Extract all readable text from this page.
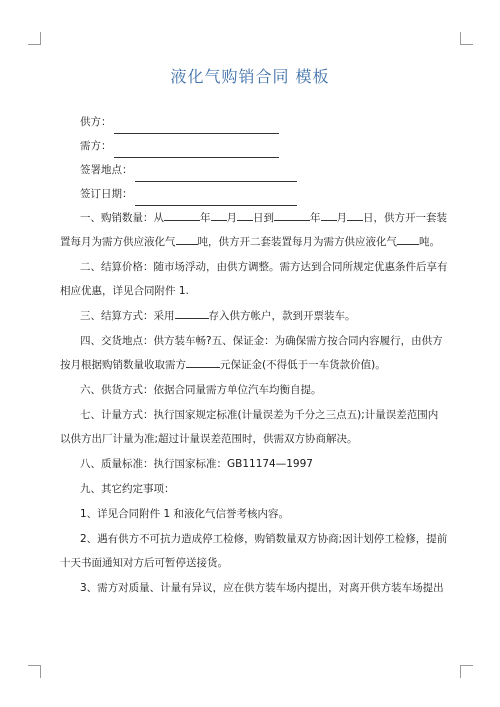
液化气购销合同 模板
供方：
需方：
签署地点：
签订日期：
一、购销数量：从	年 月 日到	年 月 日，供方开一套装置每月为需方供应液化气 吨，供方开二套装置每月为需方供应液化气 吨。
二、结算价格：随市场浮动，由供方调整。需方达到合同所规定优惠条件后享有相应优惠，详见合同附件 1.
三、结算方式：采用	存入供方帐户，款到开票装车。
四、交货地点：供方装车畅?五、保证金：为确保需方按合同内容履行，由供方按月根据购销数量收取需方	元保证金(不得低于一车货款价值)。
六、供货方式：依据合同量需方单位汽车均衡自提。
七、计量方式：执行国家规定标准(计量误差为千分之三点五);计量误差范围内以供方出厂计量为准;超过计量误差范围时，供需双方协商解决。
八、质量标准：执行国家标准：GB11174—1997
九、其它约定事项：
1、详见合同附件 1 和液化气信誉考核内容。
2、遇有供方不可抗力造成停工检修，购销数量双方协商;因计划停工检修，提前十天书面通知对方后可暂停送接货。
3、需方对质量、计量有异议，应在供方装车场内提出，对离开供方装车场提出
